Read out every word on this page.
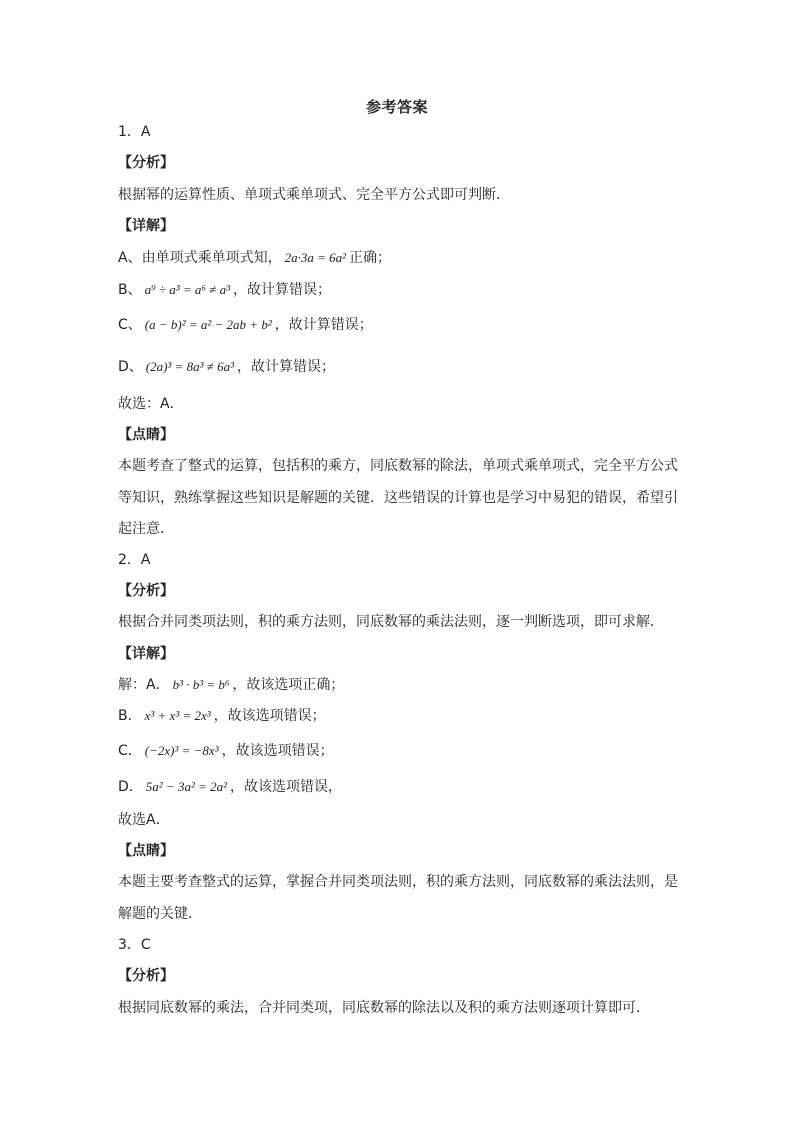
参考答案
1．A
【分析】
根据幂的运算性质、单项式乘单项式、完全平方公式即可判断．
【详解】
A、由单项式乘单项式知， 2a·3a = 6a² 正确；
B、 a⁹ ÷ a³ = a⁶ ≠ a³ ，故计算错误；
C、 (a − b)² = a² − 2ab + b² ，故计算错误；
D、 (2a)³ = 8a³ ≠ 6a³ ，故计算错误；
故选：A．
【点睛】
本题考查了整式的运算，包括积的乘方，同底数幂的除法，单项式乘单项式，完全平方公式
等知识，熟练掌握这些知识是解题的关键．这些错误的计算也是学习中易犯的错误，希望引
起注意．
2．A
【分析】
根据合并同类项法则，积的乘方法则，同底数幂的乘法法则，逐一判断选项，即可求解．
【详解】
解：A． b³ · b³ = b⁶ ，故该选项正确；
B． x³ + x³ = 2x³ ，故该选项错误；
C． (−2x)³ = −8x³ ，故该选项错误；
D． 5a² − 3a² = 2a² ，故该选项错误，
故选A．
【点睛】
本题主要考查整式的运算，掌握合并同类项法则，积的乘方法则，同底数幂的乘法法则，是
解题的关键．
3．C
【分析】
根据同底数幂的乘法，合并同类项，同底数幂的除法以及积的乘方法则逐项计算即可．
